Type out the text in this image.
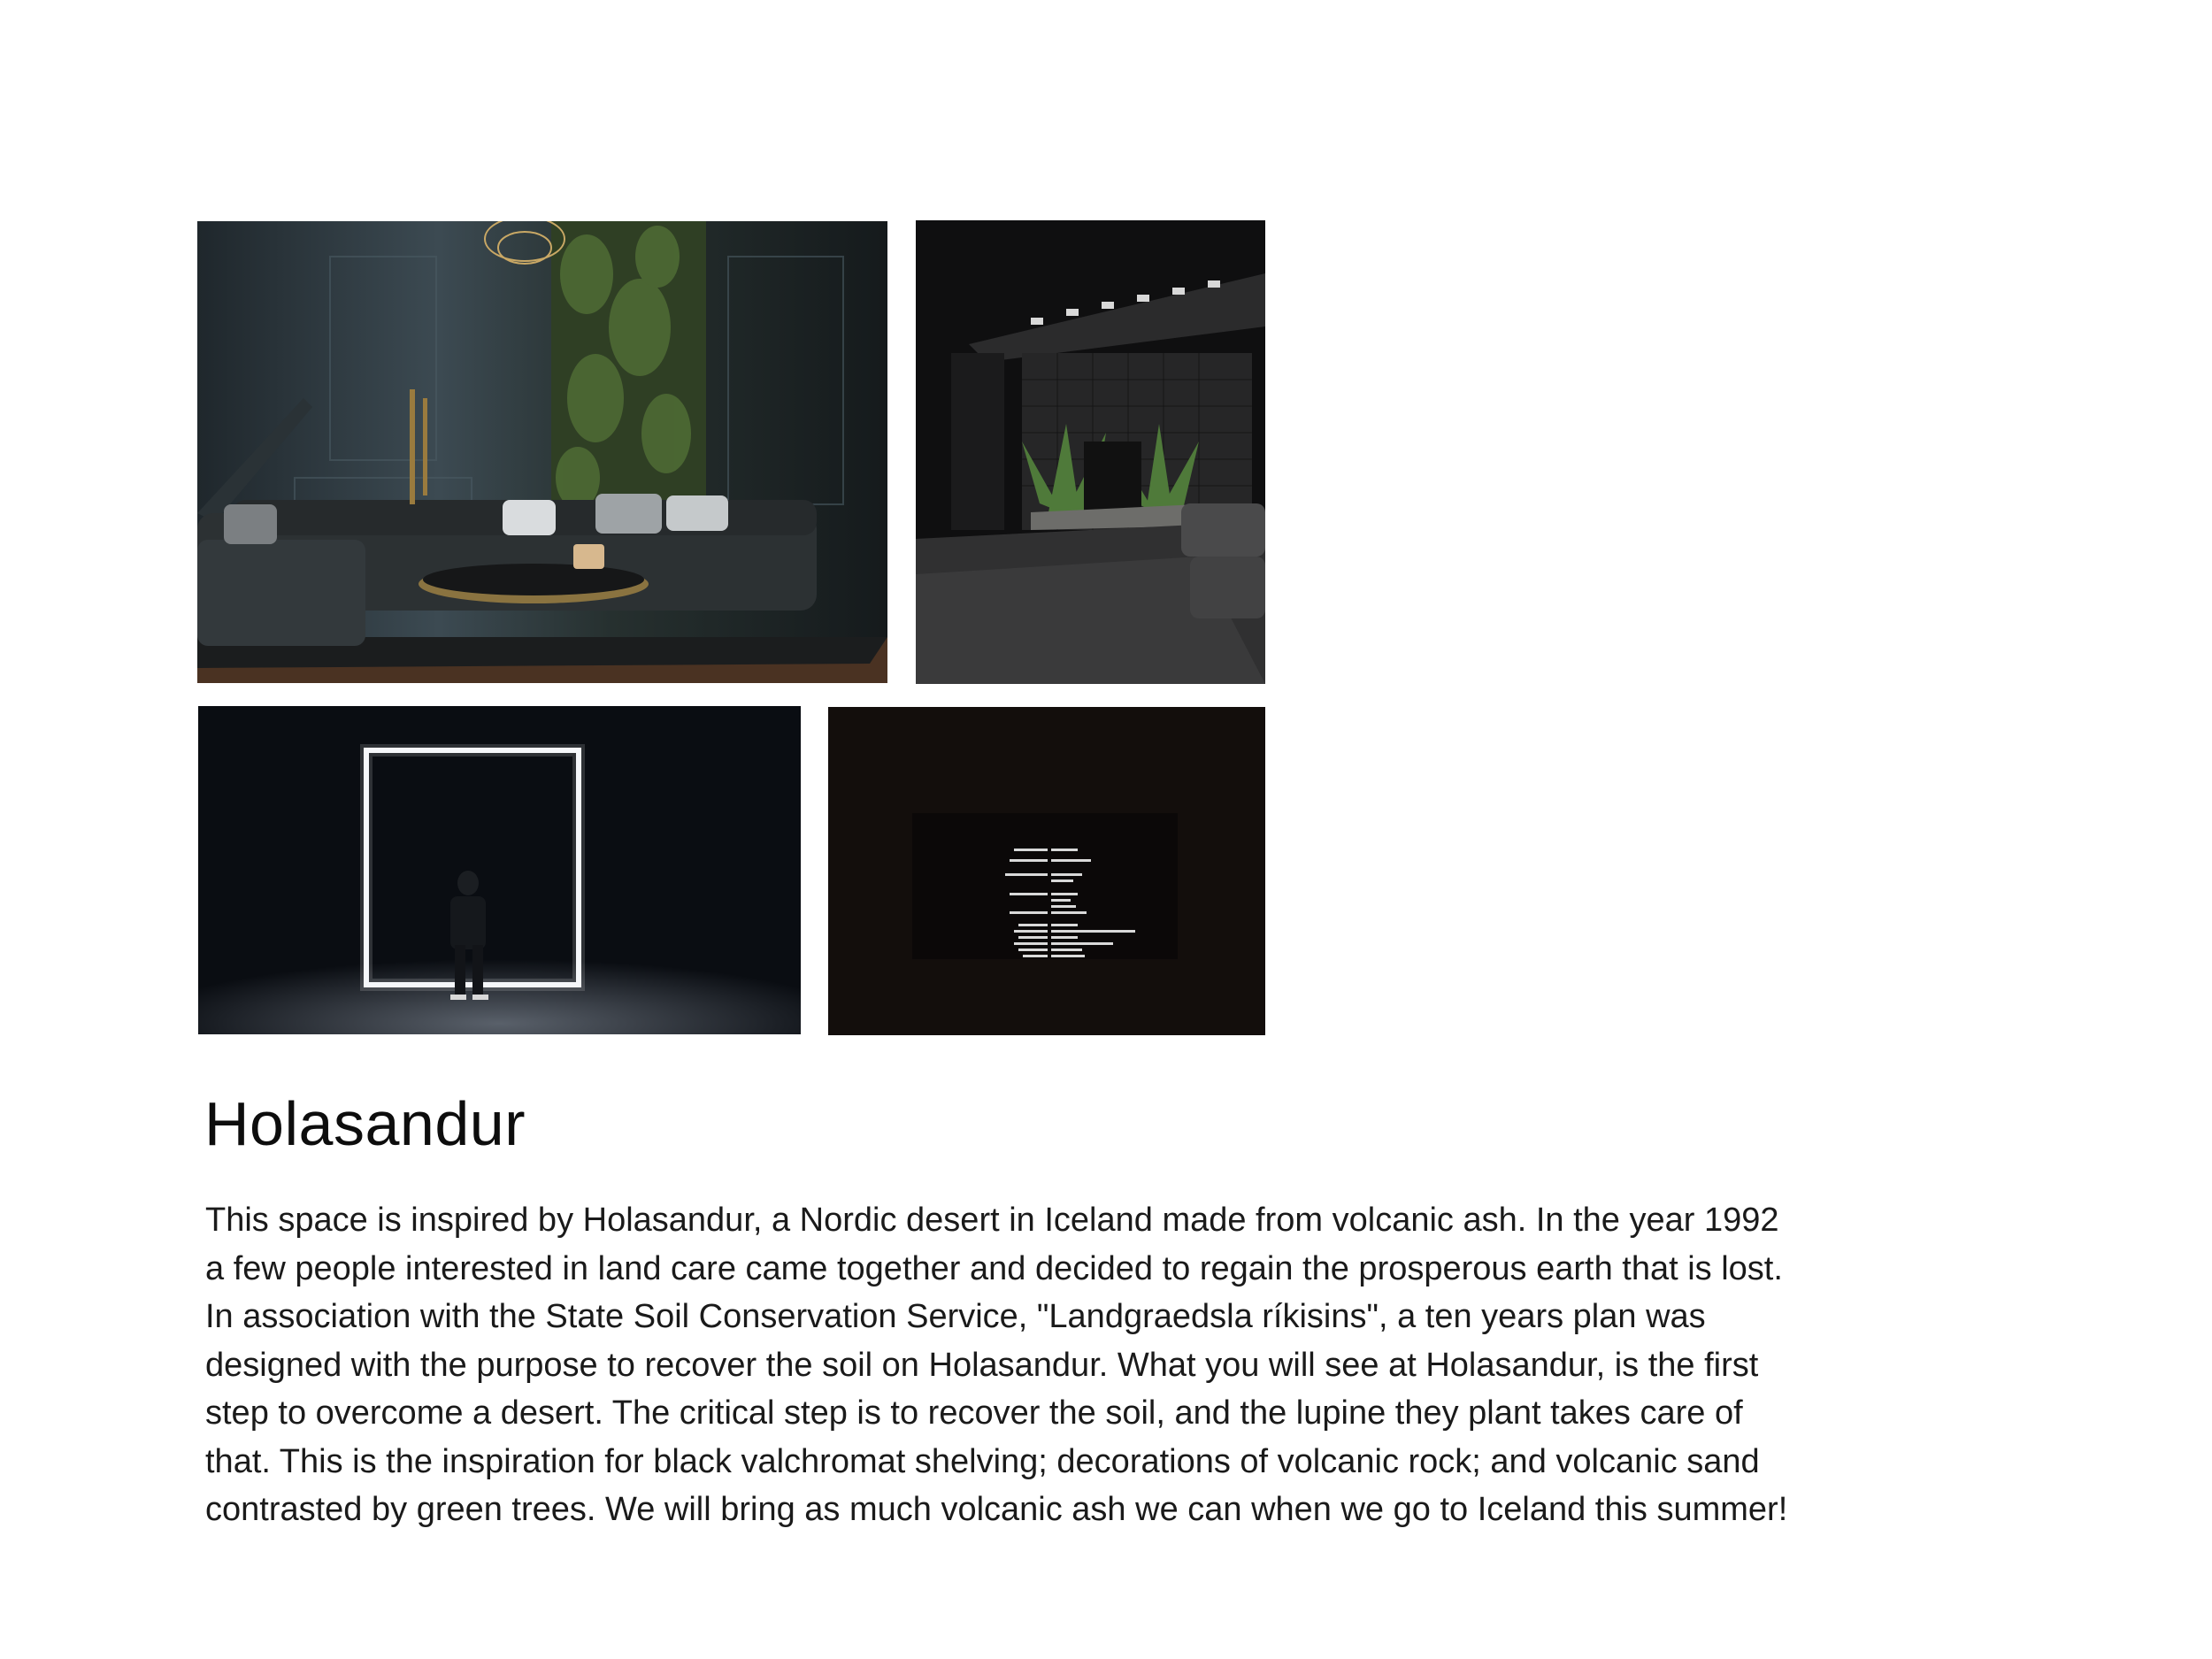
Holasandur

This space is inspired by Holasandur, a Nordic desert in Iceland made from volcanic ash. In the year 1992 a few people interested in land care came together and decided to regain the prosperous earth that is lost. In association with the State Soil Conservation Service, "Landgraedsla ríkisins", a ten years plan was designed with the purpose to recover the soil on Holasandur. What you will see at Holasandur, is the first step to overcome a desert. The critical step is to recover the soil, and the lupine they plant takes care of that. This is the inspiration for black valchromat shelving; decorations of volcanic rock; and volcanic sand contrasted by green trees. We will bring as much volcanic ash we can when we go to Iceland this summer!
